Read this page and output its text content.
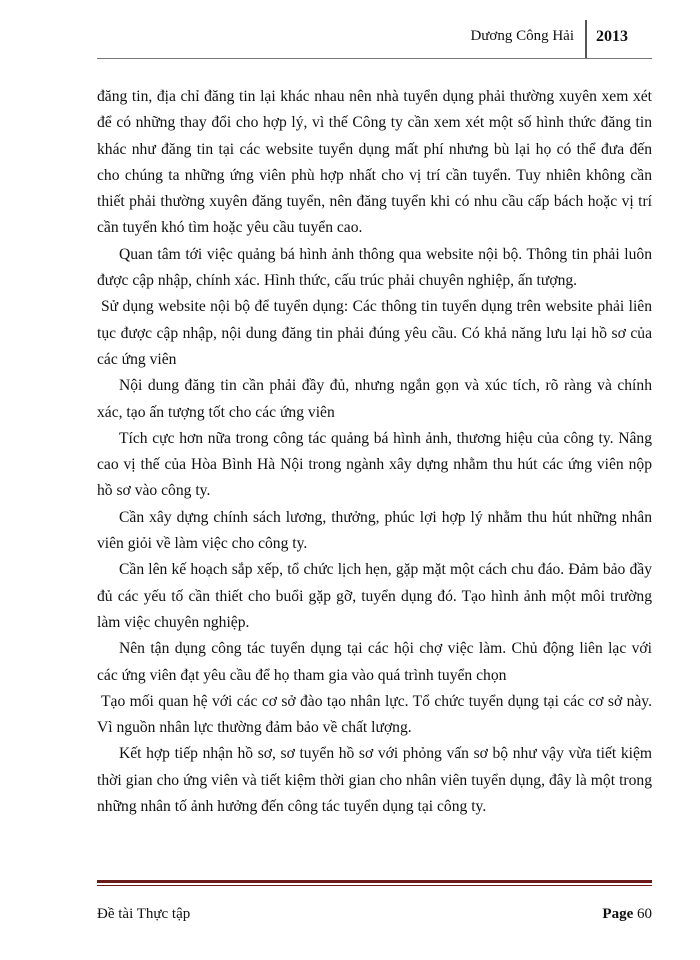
Dương Công Hải 2013

đăng tin, địa chỉ đăng tin lại khác nhau nên nhà tuyển dụng phải thường xuyên xem xét để có những thay đổi cho hợp lý, vì thế Công ty cần xem xét một số hình thức đăng tin khác như đăng tin tại các website tuyển dụng mất phí nhưng bù lại họ có thể đưa đến cho chúng ta những ứng viên phù hợp nhất cho vị trí cần tuyển. Tuy nhiên không cần thiết phải thường xuyên đăng tuyển, nên đăng tuyển khi có nhu cầu cấp bách hoặc vị trí cần tuyển khó tìm hoặc yêu cầu tuyển cao.

Quan tâm tới việc quảng bá hình ảnh thông qua website nội bộ. Thông tin phải luôn được cập nhập, chính xác. Hình thức, cấu trúc phải chuyên nghiệp, ấn tượng.

Sử dụng website nội bộ để tuyển dụng: Các thông tin tuyển dụng trên website phải liên tục được cập nhập, nội dung đăng tin phải đúng yêu cầu. Có khả năng lưu lại hồ sơ của các ứng viên

Nội dung đăng tin cần phải đầy đủ, nhưng ngắn gọn và xúc tích, rõ ràng và chính xác, tạo ấn tượng tốt cho các ứng viên

Tích cực hơn nữa trong công tác quảng bá hình ảnh, thương hiệu của công ty. Nâng cao vị thế của Hòa Bình Hà Nội trong ngành xây dựng nhằm thu hút các ứng viên nộp hồ sơ vào công ty.

Cần xây dựng chính sách lương, thưởng, phúc lợi hợp lý nhằm thu hút những nhân viên giỏi về làm việc cho công ty.

Cần lên kế hoạch sắp xếp, tổ chức lịch hẹn, gặp mặt một cách chu đáo. Đảm bảo đầy đủ các yếu tố cần thiết cho buổi gặp gỡ, tuyển dụng đó. Tạo hình ảnh một môi trường làm việc chuyên nghiệp.

Nên tận dụng công tác tuyển dụng tại các hội chợ việc làm. Chủ động liên lạc với các ứng viên đạt yêu cầu để họ tham gia vào quá trình tuyển chọn

Tạo mối quan hệ với các cơ sở đào tạo nhân lực. Tổ chức tuyển dụng tại các cơ sở này. Vì nguồn nhân lực thường đảm bảo về chất lượng.

Kết hợp tiếp nhận hồ sơ, sơ tuyển hồ sơ với phỏng vấn sơ bộ như vậy vừa tiết kiệm thời gian cho ứng viên và tiết kiệm thời gian cho nhân viên tuyển dụng, đây là một trong những nhân tố ảnh hưởng đến công tác tuyển dụng tại công ty.

Đề tài Thực tập	Page 60
